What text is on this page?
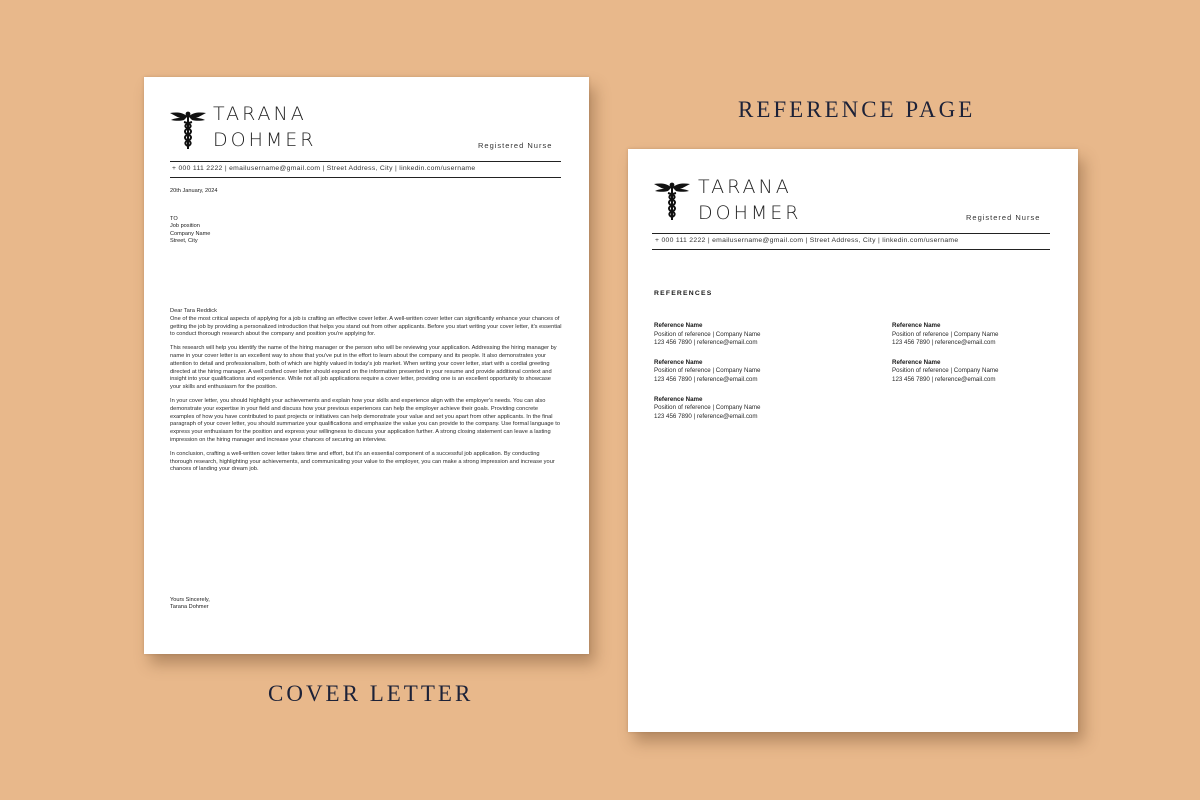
REFERENCE PAGE
COVER LETTER
TARANA
DOHMER	Registered Nurse
+ 000 111 2222 | emailusername@gmail.com | Street Address, City | linkedin.com/username
20th January, 2024
TO
Job position
Company Name
Street, City
Dear Tara Reddick

One of the most critical aspects of applying for a job is crafting an effective cover letter. A well-written cover letter can significantly enhance your chances of getting the job by providing a personalized introduction that helps you stand out from other applicants. Before you start writing your cover letter, it's essential to conduct thorough research about the company and position you're applying for.

This research will help you identify the name of the hiring manager or the person who will be reviewing your application. Addressing the hiring manager by name in your cover letter is an excellent way to show that you've put in the effort to learn about the company and its people. It also demonstrates your attention to detail and professionalism, both of which are highly valued in today's job market. When writing your cover letter, start with a cordial greeting directed at the hiring manager. A well crafted cover letter should expand on the information presented in your resume and provide additional context and insight into your qualifications and experience. While not all job applications require a cover letter, providing one is an excellent opportunity to showcase your skills and enthusiasm for the position.

In your cover letter, you should highlight your achievements and explain how your skills and experience align with the employer's needs. You can also demonstrate your expertise in your field and discuss how your previous experiences can help the employer achieve their goals. Providing concrete examples of how you have contributed to past projects or initiatives can help demonstrate your value and set you apart from other applicants. In the final paragraph of your cover letter, you should summarize your qualifications and emphasize the value you can provide to the company. Use formal language to express your enthusiasm for the position and express your willingness to discuss your application further. A strong closing statement can leave a lasting impression on the hiring manager and increase your chances of securing an interview.

In conclusion, crafting a well-written cover letter takes time and effort, but it's an essential component of a successful job application. By conducting thorough research, highlighting your achievements, and communicating your value to the employer, you can make a strong impression and increase your chances of landing your dream job.

Yours Sincerely,
Tarana Dohmer
TARANA
DOHMER	Registered Nurse
+ 000 111 2222 | emailusername@gmail.com | Street Address, City | linkedin.com/username
REFERENCES
Reference Name
Position of reference | Company Name
123 456 7890 | reference@email.com
Reference Name
Position of reference | Company Name
123 456 7890 | reference@email.com
Reference Name
Position of reference | Company Name
123 456 7890 | reference@email.com
Reference Name
Position of reference | Company Name
123 456 7890 | reference@email.com
Reference Name
Position of reference | Company Name
123 456 7890 | reference@email.com
